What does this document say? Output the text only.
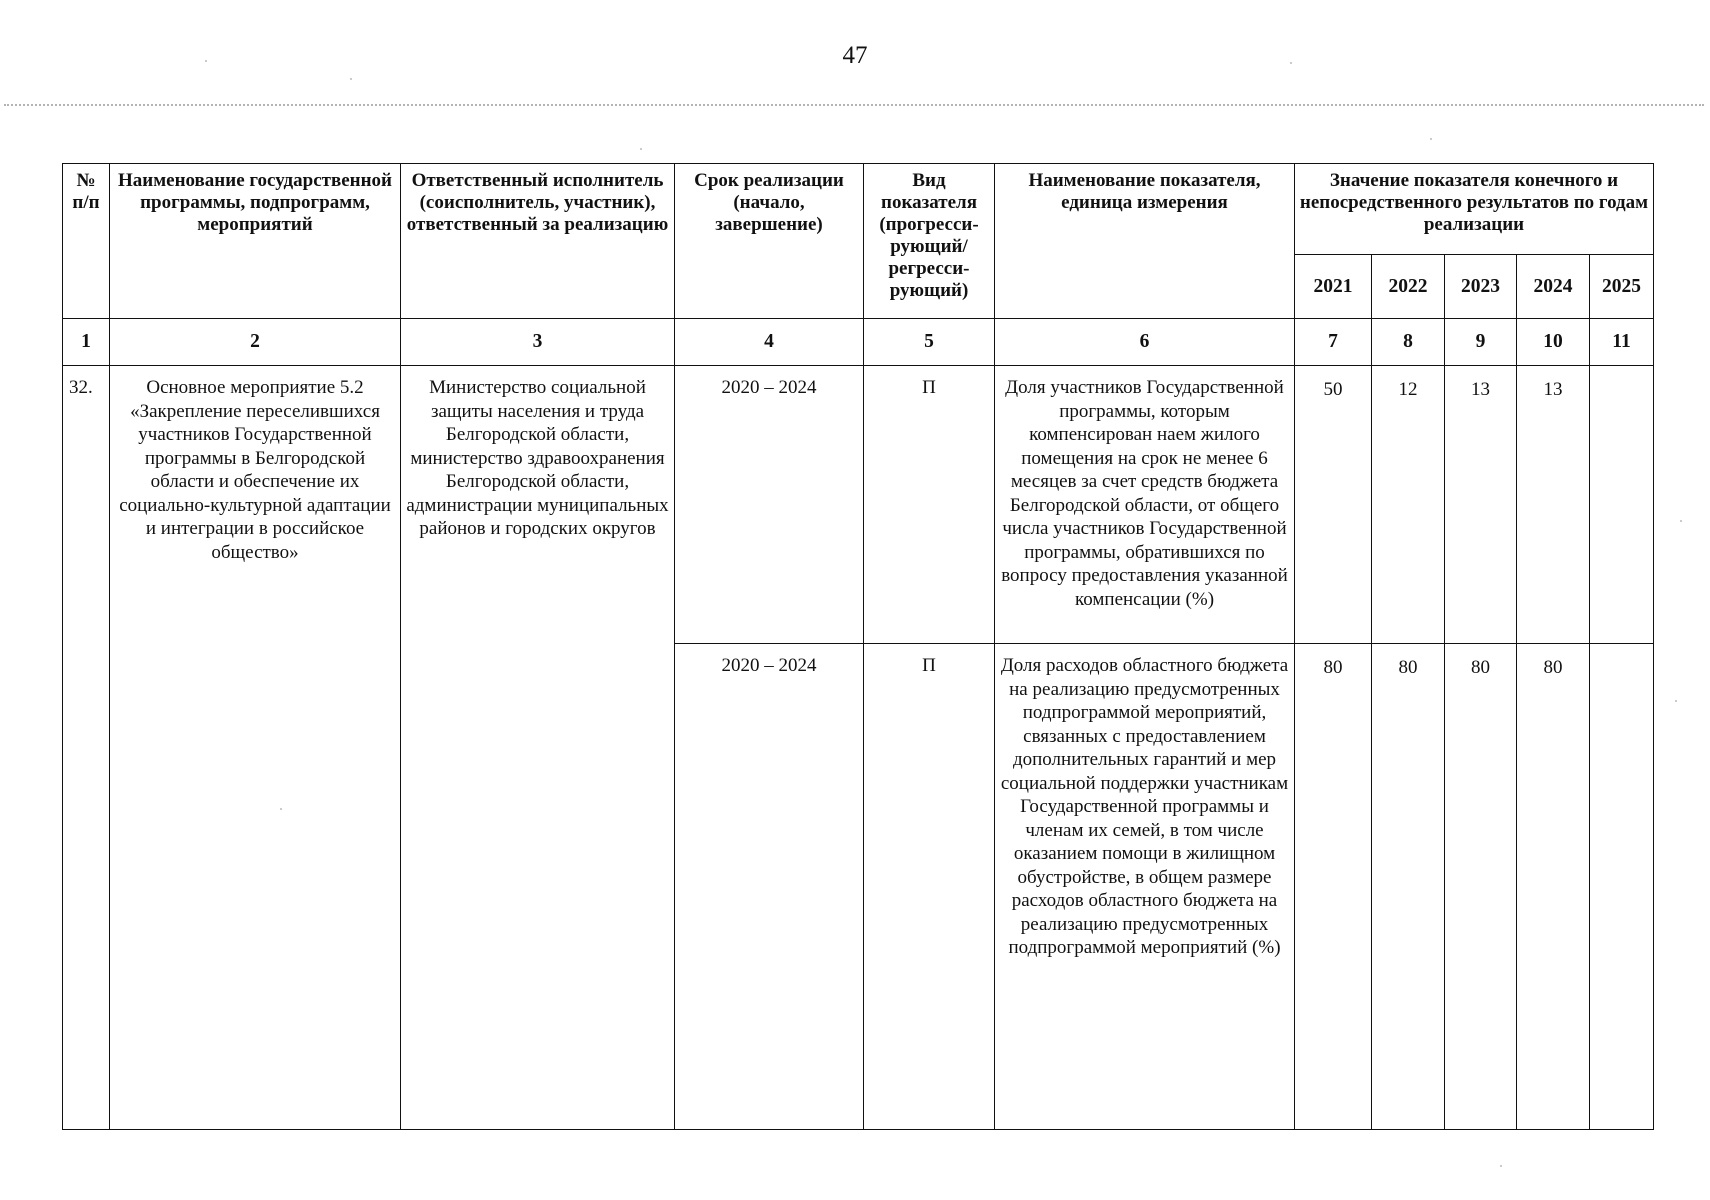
47
№ п/п	Наименование государственной программы, подпрограмм, мероприятий	Ответственный исполнитель (соисполнитель, участник), ответственный за реализацию	Срок реализации (начало, завершение)	Вид показателя (прогресси-рующий/ регресси-рующий)	Наименование показателя, единица измерения	Значение показателя конечного и непосредственного результатов по годам реализации				
						2021	2022	2023	2024	2025
1	2	3	4	5	6	7	8	9	10	11
32.	Основное мероприятие 5.2 «Закрепление переселившихся участников Государственной программы в Белгородской области и обеспечение их социально-культурной адаптации и интеграции в российское общество»	Министерство социальной защиты населения и труда Белгородской области, министерство здравоохранения Белгородской области, администрации муниципальных районов и городских округов	2020 – 2024	П	Доля участников Государственной программы, которым компенсирован наем жилого помещения на срок не менее 6 месяцев за счет средств бюджета Белгородской области, от общего числа участников Государственной программы, обратившихся по вопросу предоставления указанной компенсации (%)	50	12	13	13	
			2020 – 2024	П	Доля расходов областного бюджета на реализацию предусмотренных подпрограммой мероприятий, связанных с предоставлением дополнительных гарантий и мер социальной поддержки участникам Государственной программы и членам их семей, в том числе оказанием помощи в жилищном обустройстве, в общем размере расходов областного бюджета на реализацию предусмотренных подпрограммой мероприятий (%)	80	80	80	80	
